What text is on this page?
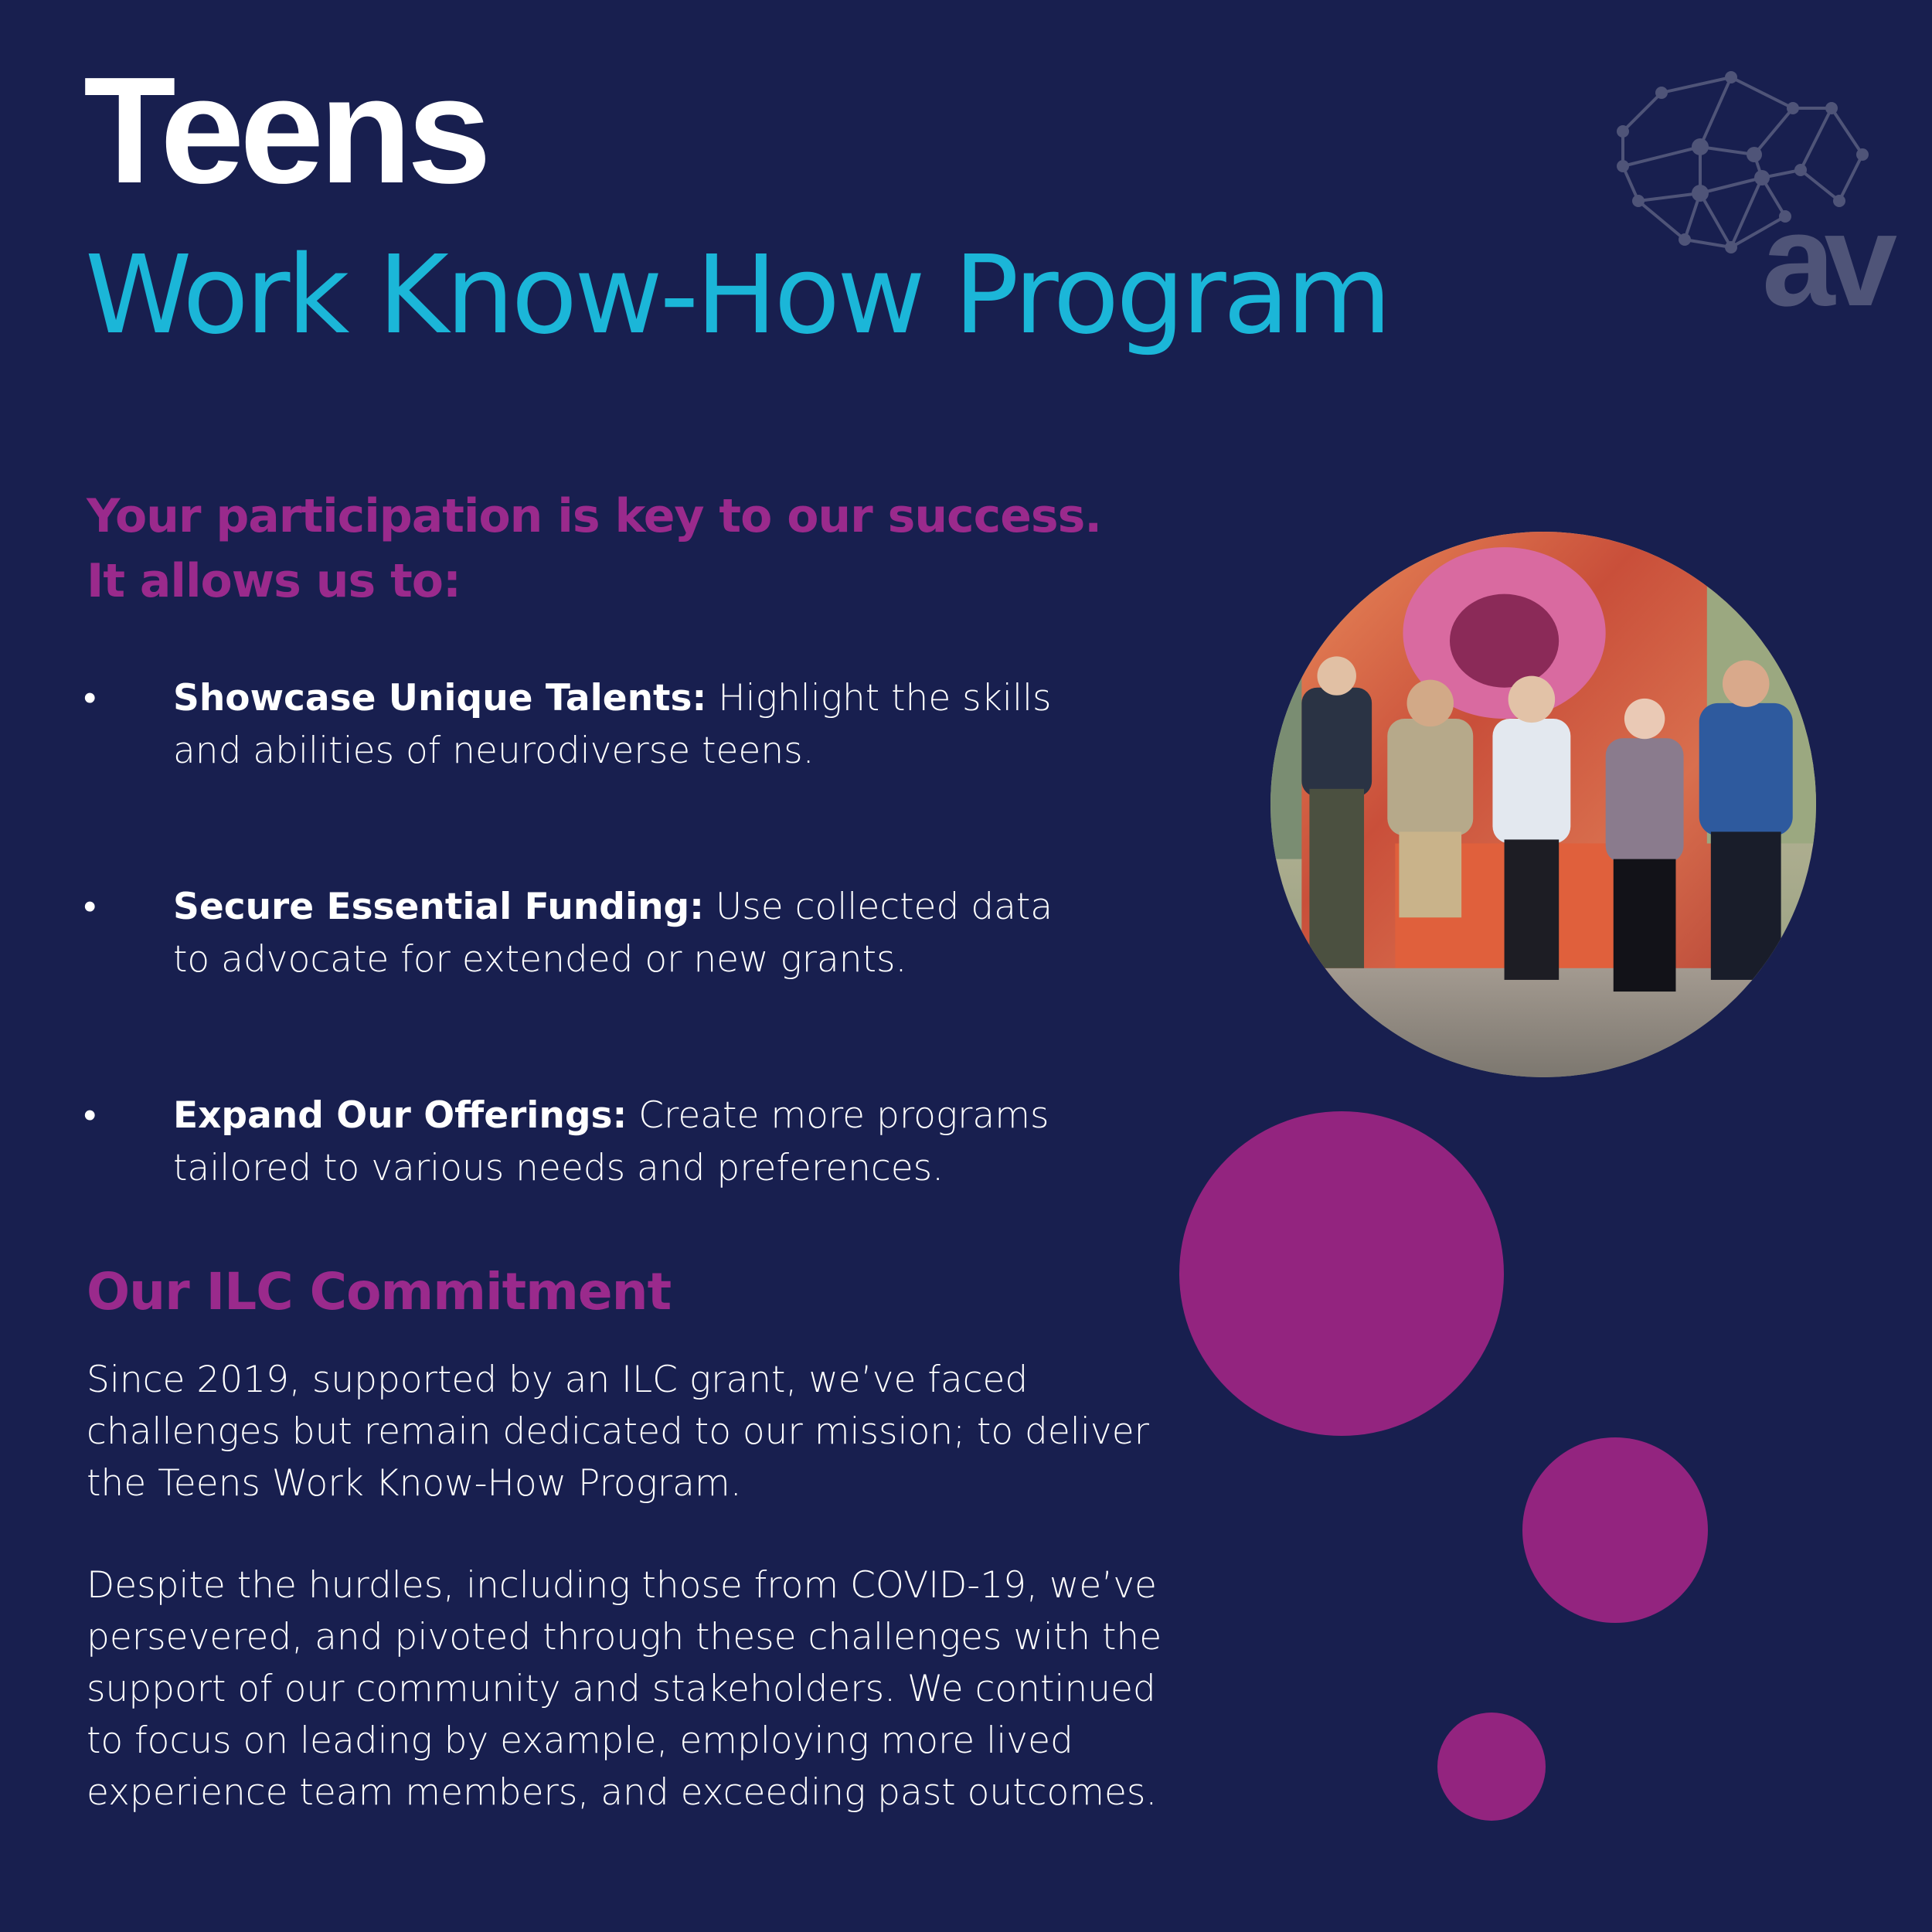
Teens
Work Know-How Program	av
Your participation is key to our success.
It allows us to:
• Showcase Unique Talents: Highlight the skills
and abilities of neurodiverse teens.
• Secure Essential Funding: Use collected data
to advocate for extended or new grants.
• Expand Our Offerings: Create more programs
tailored to various needs and preferences.
Our ILC Commitment

Since 2019, supported by an ILC grant, we’ve faced
challenges but remain dedicated to our mission; to deliver
the Teens Work Know-How Program.

Despite the hurdles, including those from COVID-19, we’ve
persevered, and pivoted through these challenges with the
support of our community and stakeholders. We continued
to focus on leading by example, employing more lived
experience team members, and exceeding past outcomes.
